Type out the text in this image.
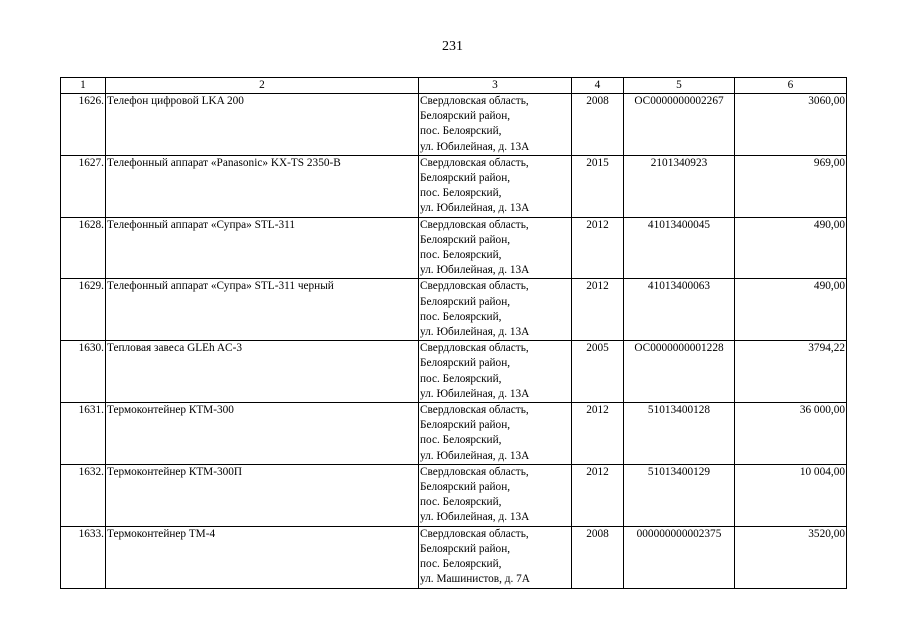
231
1	2	3	4	5	6
1626.	Телефон цифровой LKA 200	Свердловская область,
Белоярский район,
пос. Белоярский,
ул. Юбилейная, д. 13А	2008	ОС0000000002267	3060,00
1627.	Телефонный аппарат «Panasonic» KX-TS 2350-B	Свердловская область,
Белоярский район,
пос. Белоярский,
ул. Юбилейная, д. 13А	2015	2101340923	969,00
1628.	Телефонный аппарат «Супра» STL-311	Свердловская область,
Белоярский район,
пос. Белоярский,
ул. Юбилейная, д. 13А	2012	41013400045	490,00
1629.	Телефонный аппарат «Супра» STL-311 черный	Свердловская область,
Белоярский район,
пос. Белоярский,
ул. Юбилейная, д. 13А	2012	41013400063	490,00
1630.	Тепловая завеса GLEh AC-3	Свердловская область,
Белоярский район,
пос. Белоярский,
ул. Юбилейная, д. 13А	2005	ОС0000000001228	3794,22
1631.	Термоконтейнер КТМ-300	Свердловская область,
Белоярский район,
пос. Белоярский,
ул. Юбилейная, д. 13А	2012	51013400128	36 000,00
1632.	Термоконтейнер КТМ-300П	Свердловская область,
Белоярский район,
пос. Белоярский,
ул. Юбилейная, д. 13А	2012	51013400129	10 004,00
1633.	Термоконтейнер ТМ-4	Свердловская область,
Белоярский район,
пос. Белоярский,
ул. Машинистов, д. 7А	2008	000000000002375	3520,00
